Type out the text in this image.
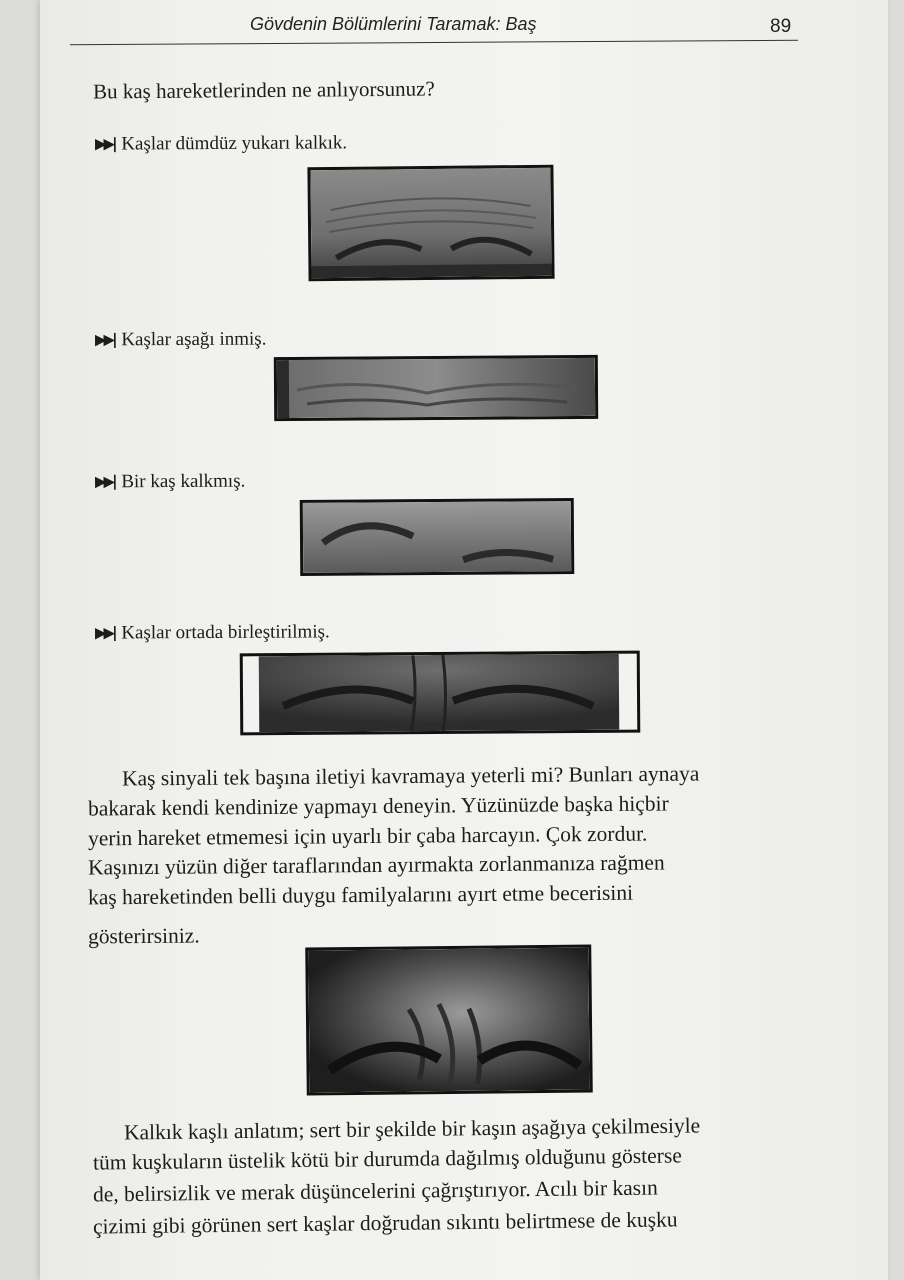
Gövdenin Bölümlerini Taramak: Baş	89
Bu kaş hareketlerinden ne anlıyorsunuz?
▶▶| Kaşlar dümdüz yukarı kalkık.
▶▶| Kaşlar aşağı inmiş.
▶▶| Bir kaş kalkmış.
▶▶| Kaşlar ortada birleştirilmiş.
Kaş sinyali tek başına iletiyi kavramaya yeterli mi? Bunları aynaya
bakarak kendi kendinize yapmayı deneyin. Yüzünüzde başka hiçbir
yerin hareket etmemesi için uyarlı bir çaba harcayın. Çok zordur.
Kaşınızı yüzün diğer taraflarından ayırmakta zorlanmanıza rağmen
kaş hareketinden belli duygu familyalarını ayırt etme becerisini
gösterirsiniz.
Kalkık kaşlı anlatım; sert bir şekilde bir kaşın aşağıya çekilmesiyle
tüm kuşkuların üstelik kötü bir durumda dağılmış olduğunu gösterse
de, belirsizlik ve merak düşüncelerini çağrıştırıyor. Acılı bir kasın
çizimi gibi görünen sert kaşlar doğrudan sıkıntı belirtmese de kuşku
